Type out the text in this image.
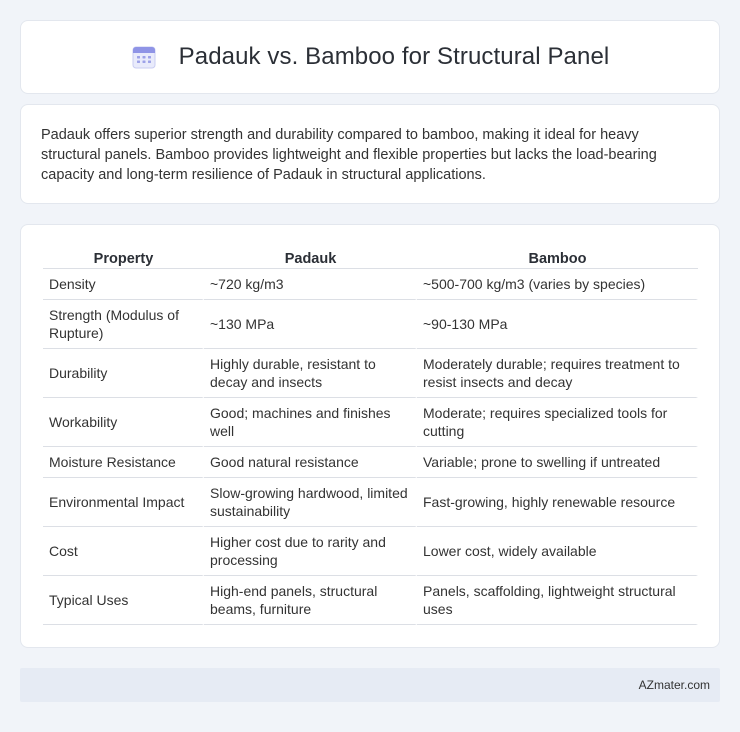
Padauk vs. Bamboo for Structural Panel

Padauk offers superior strength and durability compared to bamboo, making it ideal for heavy structural panels. Bamboo provides lightweight and flexible properties but lacks the load-bearing capacity and long-term resilience of Padauk in structural applications.

Property	Padauk	Bamboo
Density	~720 kg/m3	~500-700 kg/m3 (varies by species)
Strength (Modulus of Rupture)	~130 MPa	~90-130 MPa
Durability	Highly durable, resistant to decay and insects	Moderately durable; requires treatment to resist insects and decay
Workability	Good; machines and finishes well	Moderate; requires specialized tools for cutting
Moisture Resistance	Good natural resistance	Variable; prone to swelling if untreated
Environmental Impact	Slow-growing hardwood, limited sustainability	Fast-growing, highly renewable resource
Cost	Higher cost due to rarity and processing	Lower cost, widely available
Typical Uses	High-end panels, structural beams, furniture	Panels, scaffolding, lightweight structural uses
AZmater.com
